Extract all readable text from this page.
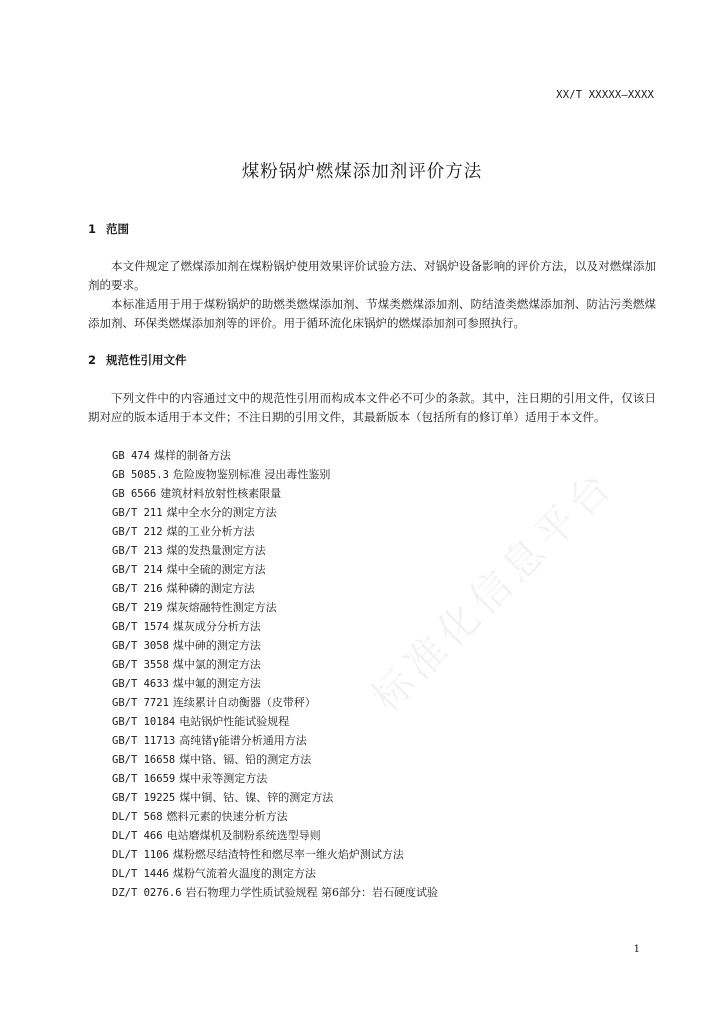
XX/T XXXXX—XXXX
煤粉锅炉燃煤添加剂评价方法
1 范围
本文件规定了燃煤添加剂在煤粉锅炉使用效果评价试验方法、对锅炉设备影响的评价方法，以及对燃煤添加剂的要求。
本标准适用于用于煤粉锅炉的助燃类燃煤添加剂、节煤类燃煤添加剂、防结渣类燃煤添加剂、防沾污类燃煤添加剂、环保类燃煤添加剂等的评价。用于循环流化床锅炉的燃煤添加剂可参照执行。
2 规范性引用文件
下列文件中的内容通过文中的规范性引用而构成本文件必不可少的条款。其中，注日期的引用文件，仅该日期对应的版本适用于本文件；不注日期的引用文件，其最新版本（包括所有的修订单）适用于本文件。
GB 474 煤样的制备方法
GB 5085.3 危险废物鉴别标准 浸出毒性鉴别
GB 6566 建筑材料放射性核素限量
GB/T 211 煤中全水分的测定方法
GB/T 212 煤的工业分析方法
GB/T 213 煤的发热量测定方法
GB/T 214 煤中全硫的测定方法
GB/T 216 煤种磷的测定方法
GB/T 219 煤灰熔融特性测定方法
GB/T 1574 煤灰成分分析方法
GB/T 3058 煤中砷的测定方法
GB/T 3558 煤中氯的测定方法
GB/T 4633 煤中氟的测定方法
GB/T 7721 连续累计自动衡器（皮带秤）
GB/T 10184 电站锅炉性能试验规程
GB/T 11713 高纯锗γ能谱分析通用方法
GB/T 16658 煤中铬、镉、铅的测定方法
GB/T 16659 煤中汞等测定方法
GB/T 19225 煤中铜、钴、镍、锌的测定方法
DL/T 568 燃料元素的快速分析方法
DL/T 466 电站磨煤机及制粉系统选型导则
DL/T 1106 煤粉燃尽结渣特性和燃尽率一维火焰炉测试方法
DL/T 1446 煤粉气流着火温度的测定方法
DZ/T 0276.6 岩石物理力学性质试验规程 第6部分：岩石硬度试验
标准化信息平台
1
